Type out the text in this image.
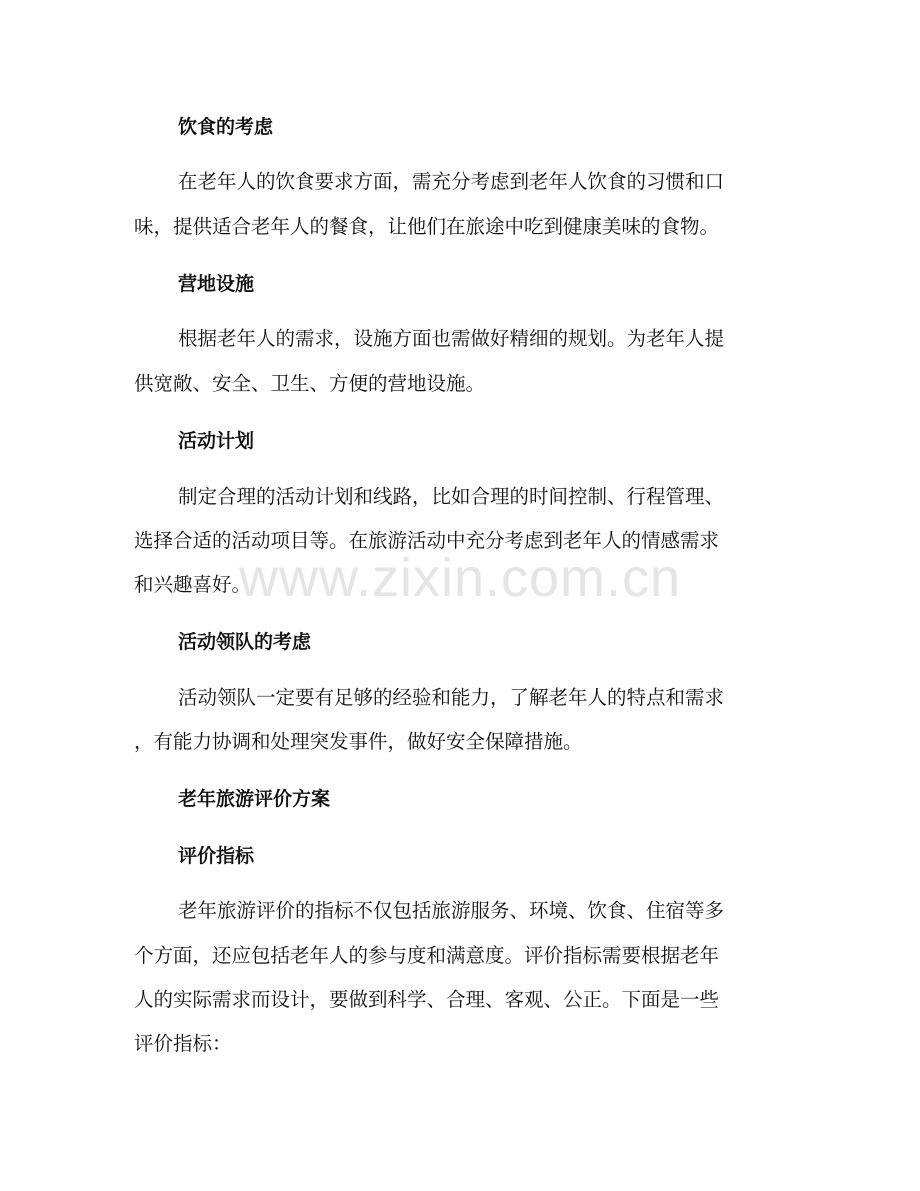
饮食的考虑
在老年人的饮食要求方面，需充分考虑到老年人饮食的习惯和口
味，提供适合老年人的餐食，让他们在旅途中吃到健康美味的食物。
营地设施
根据老年人的需求，设施方面也需做好精细的规划。为老年人提
供宽敞、安全、卫生、方便的营地设施。
活动计划
制定合理的活动计划和线路，比如合理的时间控制、行程管理、
选择合适的活动项目等。在旅游活动中充分考虑到老年人的情感需求
和兴趣喜好。
活动领队的考虑
活动领队一定要有足够的经验和能力，了解老年人的特点和需求
，有能力协调和处理突发事件，做好安全保障措施。
老年旅游评价方案
评价指标
老年旅游评价的指标不仅包括旅游服务、环境、饮食、住宿等多
个方面，还应包括老年人的参与度和满意度。评价指标需要根据老年
人的实际需求而设计，要做到科学、合理、客观、公正。下面是一些
评价指标：
www.zixin.com.cn
